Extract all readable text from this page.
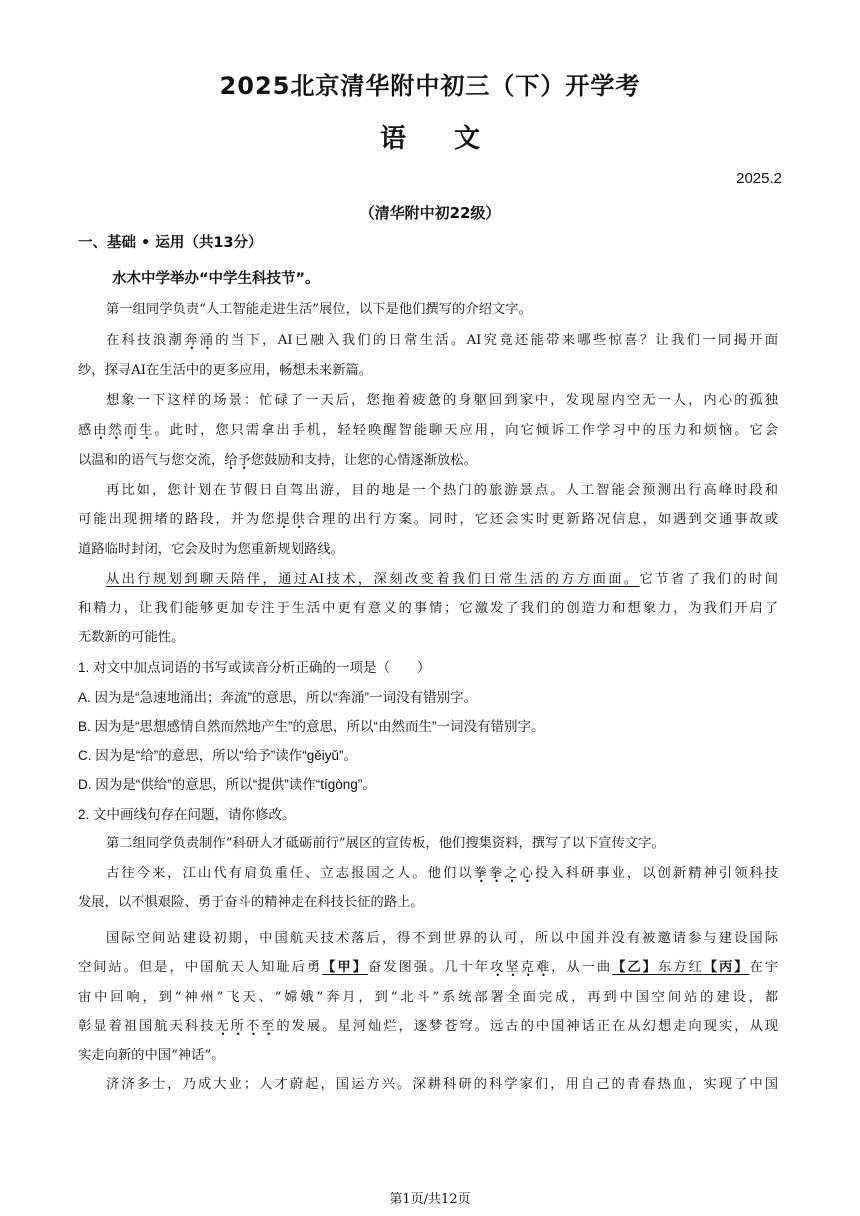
2025北京清华附中初三（下）开学考
语文
2025.2
（清华附中初22级）
一、基础 • 运用（共13分）
水木中学举办“中学生科技节”。
第一组同学负责“人工智能走进生活”展位，以下是他们撰写的介绍文字。
在科技浪潮奔涌的当下，AI已融入我们的日常生活。AI究竟还能带来哪些惊喜？让我们一同揭开面
纱，探寻AI在生活中的更多应用，畅想未来新篇。
想象一下这样的场景：忙碌了一天后，您拖着疲惫的身躯回到家中，发现屋内空无一人，内心的孤独
感由然而生。此时，您只需拿出手机，轻轻唤醒智能聊天应用，向它倾诉工作学习中的压力和烦恼。它会
以温和的语气与您交流，给予您鼓励和支持，让您的心情逐渐放松。
再比如，您计划在节假日自驾出游，目的地是一个热门的旅游景点。人工智能会预测出行高峰时段和
可能出现拥堵的路段，并为您提供合理的出行方案。同时，它还会实时更新路况信息，如遇到交通事故或
道路临时封闭，它会及时为您重新规划路线。
从出行规划到聊天陪伴，通过AI技术，深刻改变着我们日常生活的方方面面。它节省了我们的时间
和精力，让我们能够更加专注于生活中更有意义的事情；它激发了我们的创造力和想象力，为我们开启了
无数新的可能性。
1. 对文中加点词语的书写或读音分析正确的一项是（　　）
A. 因为是“急速地涌出；奔流”的意思，所以“奔涌”一词没有错别字。
B. 因为是“思想感情自然而然地产生”的意思，所以“由然而生”一词没有错别字。
C. 因为是“给”的意思，所以“给予”读作“gěiyǔ”。
D. 因为是“供给”的意思，所以“提供”读作“tígòng”。
2. 文中画线句存在问题，请你修改。
第二组同学负责制作“科研人才砥砺前行”展区的宣传板，他们搜集资料，撰写了以下宣传文字。
古往今来，江山代有肩负重任、立志报国之人。他们以拳拳之心投入科研事业，以创新精神引领科技
发展，以不惧艰险、勇于奋斗的精神走在科技长征的路上。
国际空间站建设初期，中国航天技术落后，得不到世界的认可，所以中国并没有被邀请参与建设国际
空间站。但是，中国航天人知耻后勇【甲】奋发图强。几十年攻坚克难，从一曲【乙】东方红【丙】在宇
宙中回响，到“神州”飞天、“嫦娥”奔月，到“北斗”系统部署全面完成，再到中国空间站的建设，都
彰显着祖国航天科技无所不至的发展。星河灿烂，逐梦苍穹。远古的中国神话正在从幻想走向现实，从现
实走向新的中国“神话”。
济济多士，乃成大业；人才蔚起，国运方兴。深耕科研的科学家们，用自己的青春热血，实现了中国
第1页/共12页
